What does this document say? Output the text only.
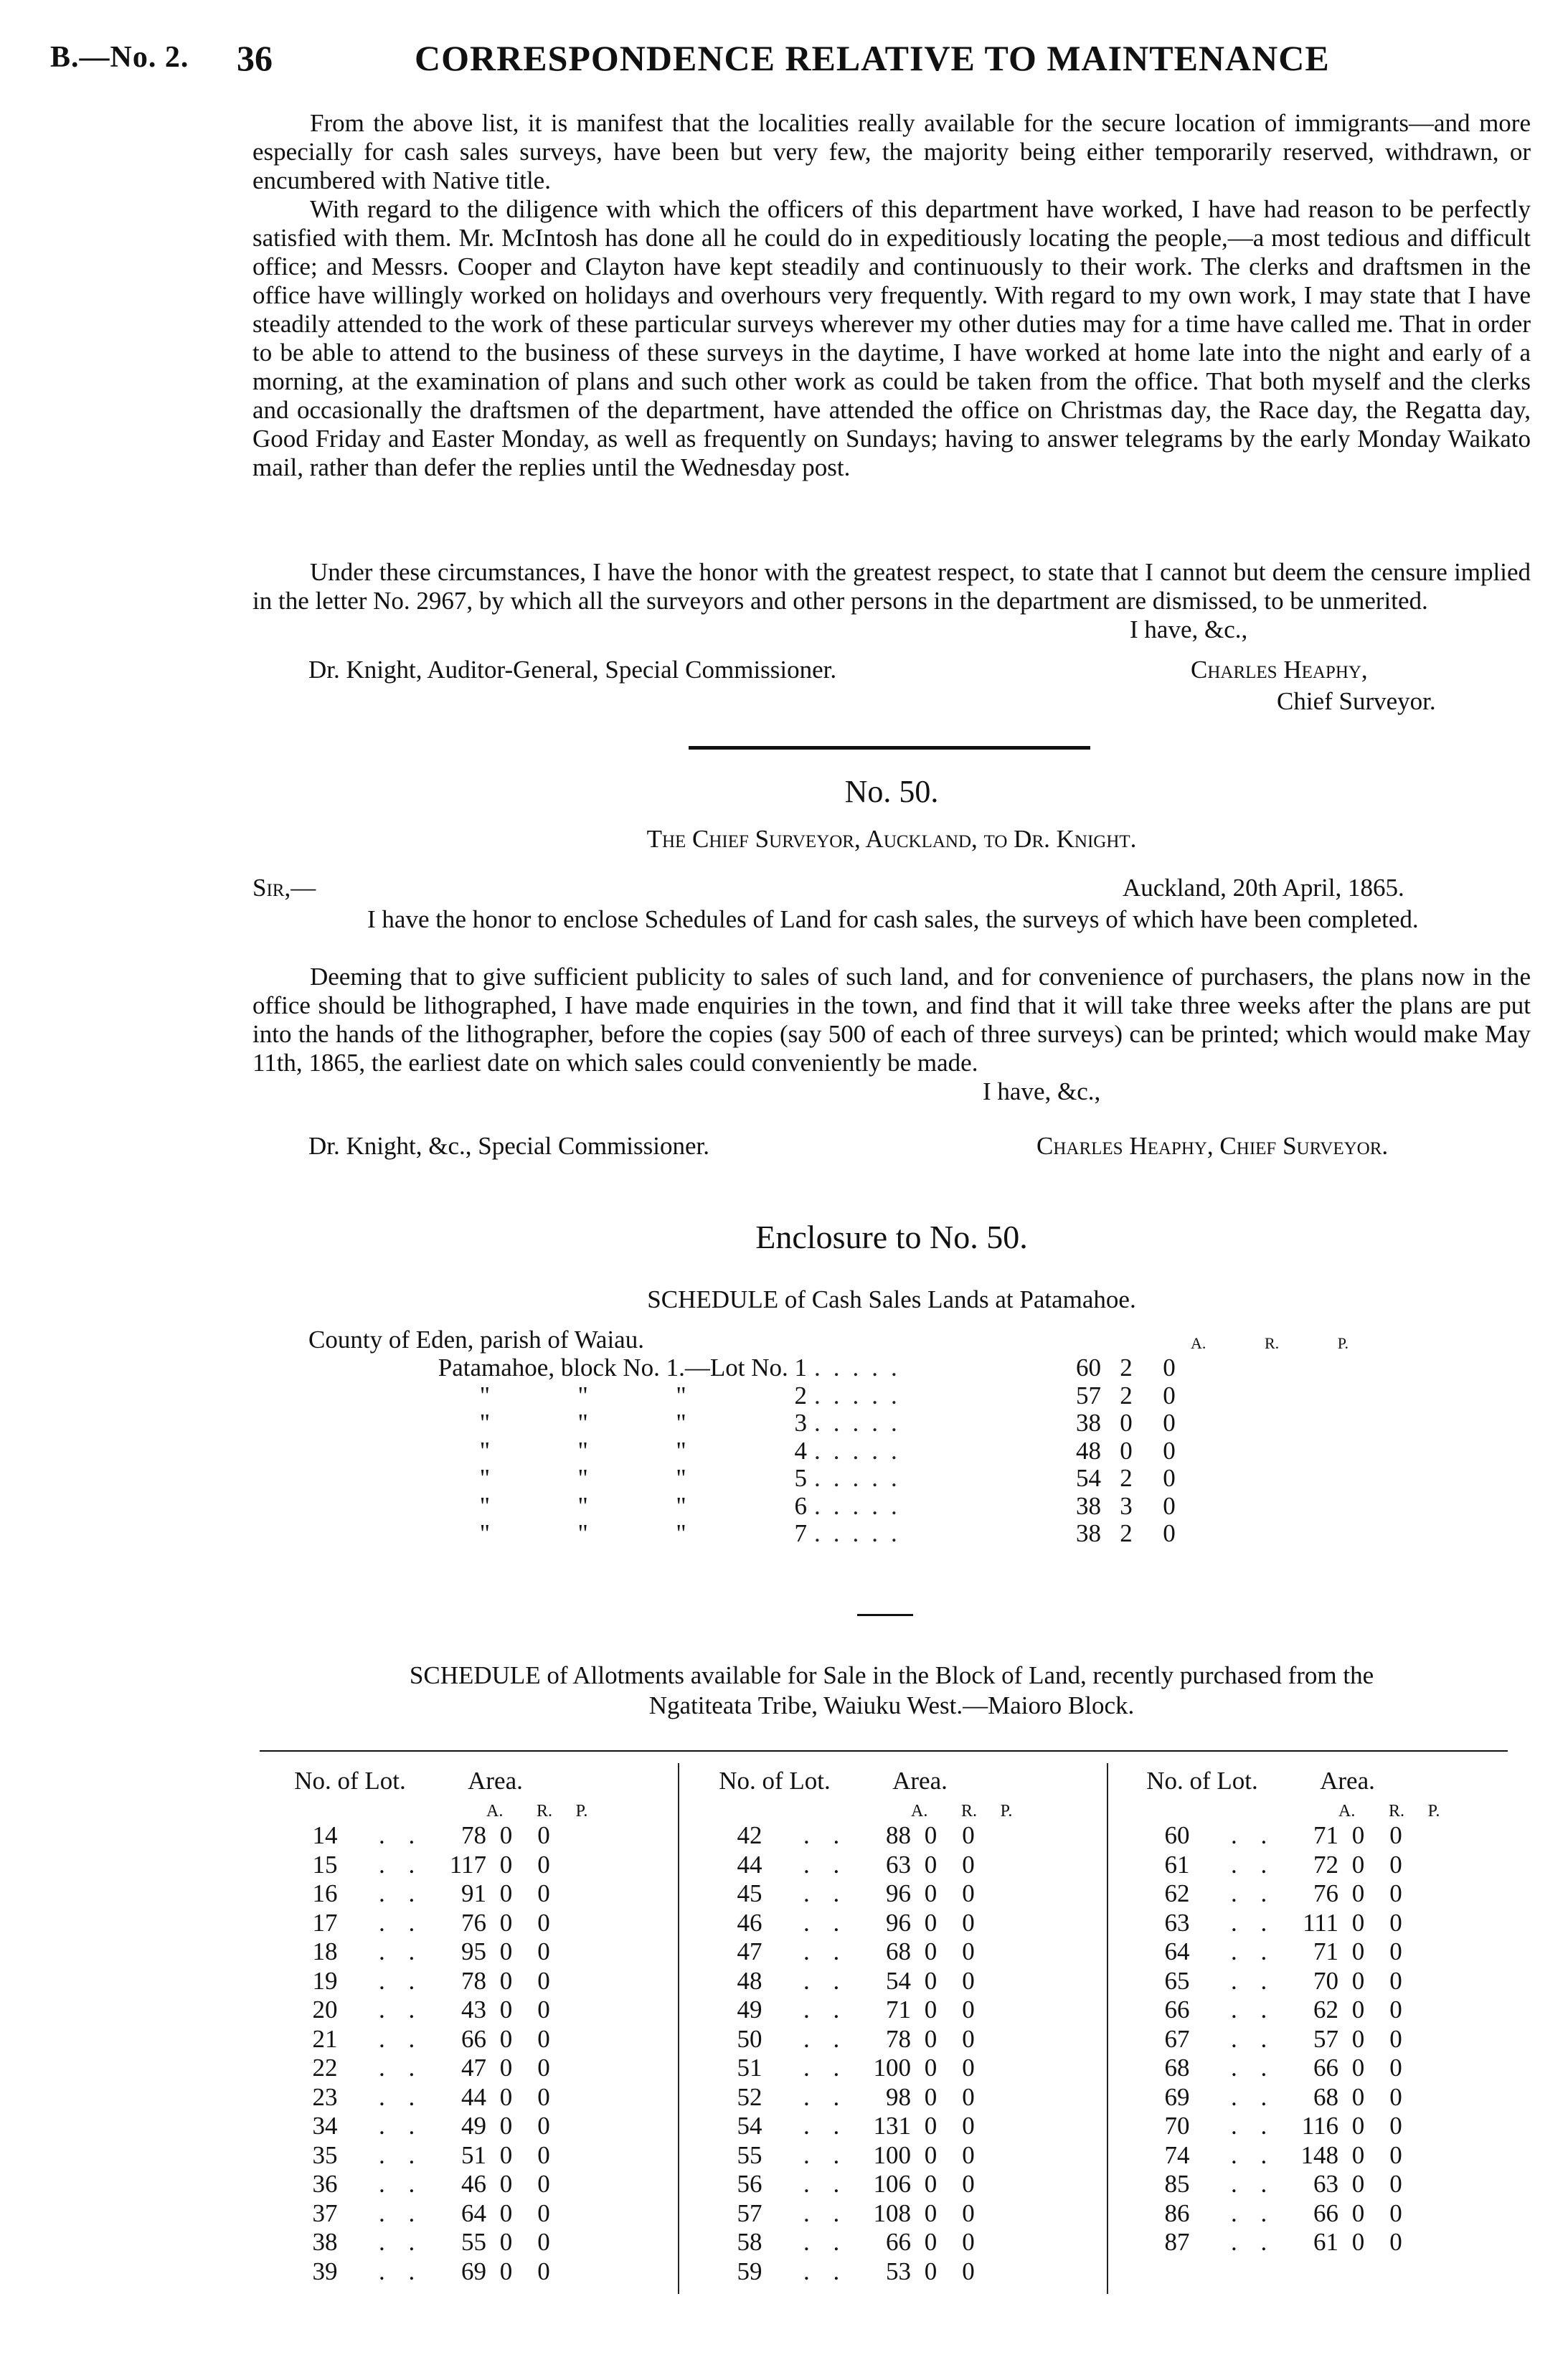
B.—No. 2. 36	CORRESPONDENCE RELATIVE TO MAINTENANCE

From the above list, it is manifest that the localities really available for the secure location of immigrants—and more especially for cash sales surveys, have been but very few, the majority being either temporarily reserved, withdrawn, or encumbered with Native title.

With regard to the diligence with which the officers of this department have worked, I have had reason to be perfectly satisfied with them. Mr. McIntosh has done all he could do in expeditiously locating the people,—a most tedious and difficult office; and Messrs. Cooper and Clayton have kept steadily and continuously to their work. The clerks and draftsmen in the office have willingly worked on holidays and overhours very frequently. With regard to my own work, I may state that I have steadily attended to the work of these particular surveys wherever my other duties may for a time have called me. That in order to be able to attend to the business of these surveys in the daytime, I have worked at home late into the night and early of a morning, at the examination of plans and such other work as could be taken from the office. That both myself and the clerks and occasionally the draftsmen of the department, have attended the office on Christmas day, the Race day, the Regatta day, Good Friday and Easter Monday, as well as frequently on Sundays; having to answer telegrams by the early Monday Waikato mail, rather than defer the replies until the Wednesday post.

Under these circumstances, I have the honor with the greatest respect, to state that I cannot but deem the censure implied in the letter No. 2967, by which all the surveyors and other persons in the department are dismissed, to be unmerited.

I have, &c.,
Dr. Knight, Auditor-General, Special Commissioner.	Charles Heaphy,
Chief Surveyor.
No. 50.
The Chief Surveyor, Auckland, to Dr. Knight.
Sir,—	Auckland, 20th April, 1865.

I have the honor to enclose Schedules of Land for cash sales, the surveys of which have been completed.

Deeming that to give sufficient publicity to sales of such land, and for convenience of purchasers, the plans now in the office should be lithographed, I have made enquiries in the town, and find that it will take three weeks after the plans are put into the hands of the lithographer, before the copies (say 500 of each of three surveys) can be printed; which would make May 11th, 1865, the earliest date on which sales could conveniently be made.

I have, &c.,
Dr. Knight, &c., Special Commissioner.	Charles Heaphy, Chief Surveyor.
Enclosure to No. 50.
SCHEDULE of Cash Sales Lands at Patamahoe.
County of Eden, parish of Waiau.	A.	R.	P.
Patamahoe, block No. 1.—Lot No. 1 .....	60 2	0
"              "              "	2 .....	57 2	0
"              "              "	3 .....	38 0	0
"              "              "	4 .....	48 0	0
"              "              "	5 .....	54 2	0
"              "              "	6 .....	38 3	0
"              "              "	7 .....	38 2	0
SCHEDULE of Allotments available for Sale in the Block of Land, recently purchased from the
Ngatiteata Tribe, Waiuku West.—Maioro Block.
No. of Lot.	Area.
A.	R.	P.
14	. .	78 0	0
15	. .	117 0	0
16	. .	91 0	0
17	. .	76 0	0
18	. .	95 0	0
19	. .	78 0	0
20	. .	43 0	0
21	. .	66 0	0
22	. .	47 0	0
23	. .	44 0	0
34	. .	49 0	0
35	. .	51 0	0
36	. .	46 0	0
37	. .	64 0	0
38	. .	55 0	0
39	. .	69 0	0
No. of Lot.	Area.
A.	R.	P.
42	. .	88 0	0
44	. .	63 0	0
45	. .	96 0	0
46	. .	96 0	0
47	. .	68 0	0
48	. .	54 0	0
49	. .	71 0	0
50	. .	78 0	0
51	. .	100 0	0
52	. .	98 0	0
54	. .	131 0	0
55	. .	100 0	0
56	. .	106 0	0
57	. .	108 0	0
58	. .	66 0	0
59	. .	53 0	0
No. of Lot.	Area.
A.	R.	P.
60	. .	71 0	0
61	. .	72 0	0
62	. .	76 0	0
63	. .	111 0	0
64	. .	71 0	0
65	. .	70 0	0
66	. .	62 0	0
67	. .	57 0	0
68	. .	66 0	0
69	. .	68 0	0
70	. .	116 0	0
74	. .	148 0	0
85	. .	63 0	0
86	. .	66 0	0
87	. .	61 0	0
